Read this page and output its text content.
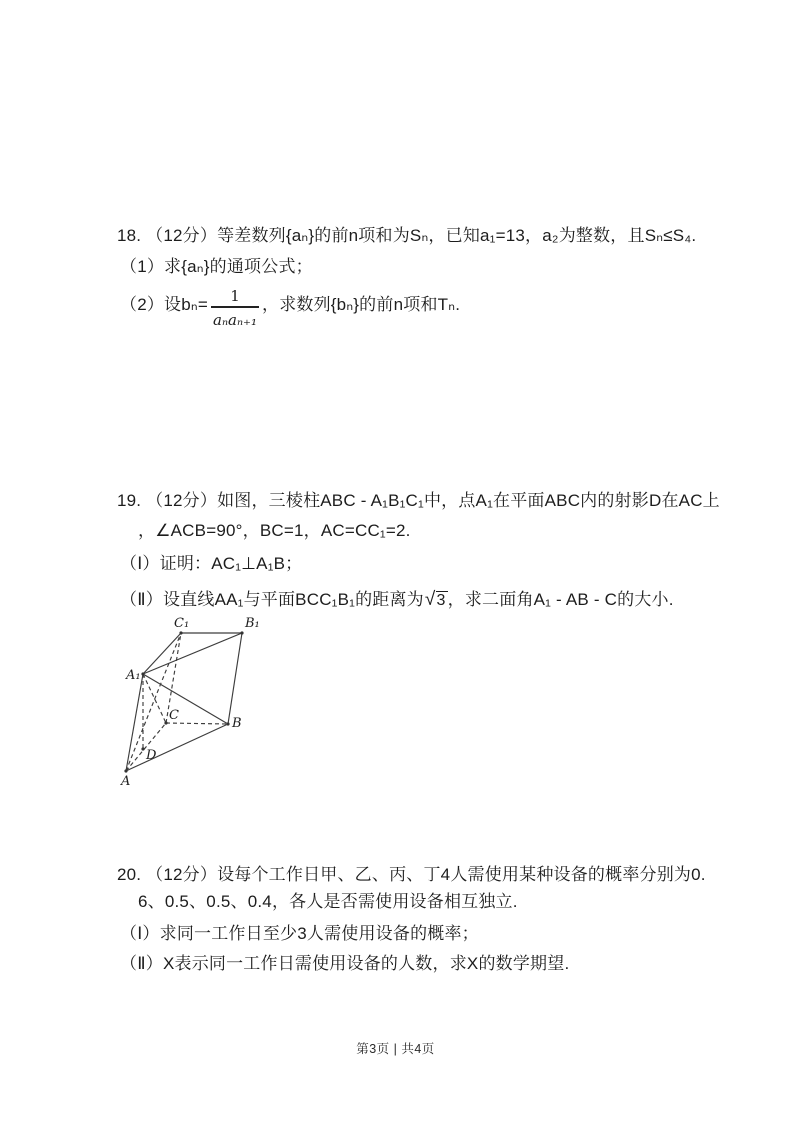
18. （12分）等差数列{aₙ}的前n项和为Sₙ，已知a₁=13，a₂为整数，且Sₙ≤S₄.
（1）求{aₙ}的通项公式；
（2）设$b_n= \frac{1}{\text{aₙaₙ₊₁}}$ ，求数列{bₙ}的前n项和Tₙ.
19. （12分）如图，三棱柱ABC - A₁B₁C₁中，点A₁在平面ABC内的射影D在AC上
，∠ACB=90°，BC=1，AC=CC₁=2.
（Ⅰ）证明：AC₁⊥A₁B；
（Ⅱ）设直线AA₁与平面BCC₁B₁的距离为 √ 3 ，求二面角A₁ - AB - C的大小.
A
B
C
D
A₁
B₁
C₁
20. （12分）设每个工作日甲、乙、丙、丁4人需使用某种设备的概率分别为0.
6、0.5、0.5、0.4，各人是否需使用设备相互独立.
（Ⅰ）求同一工作日至少3人需使用设备的概率；
（Ⅱ）X表示同一工作日需使用设备的人数，求X的数学期望.
第3页 | 共4页
